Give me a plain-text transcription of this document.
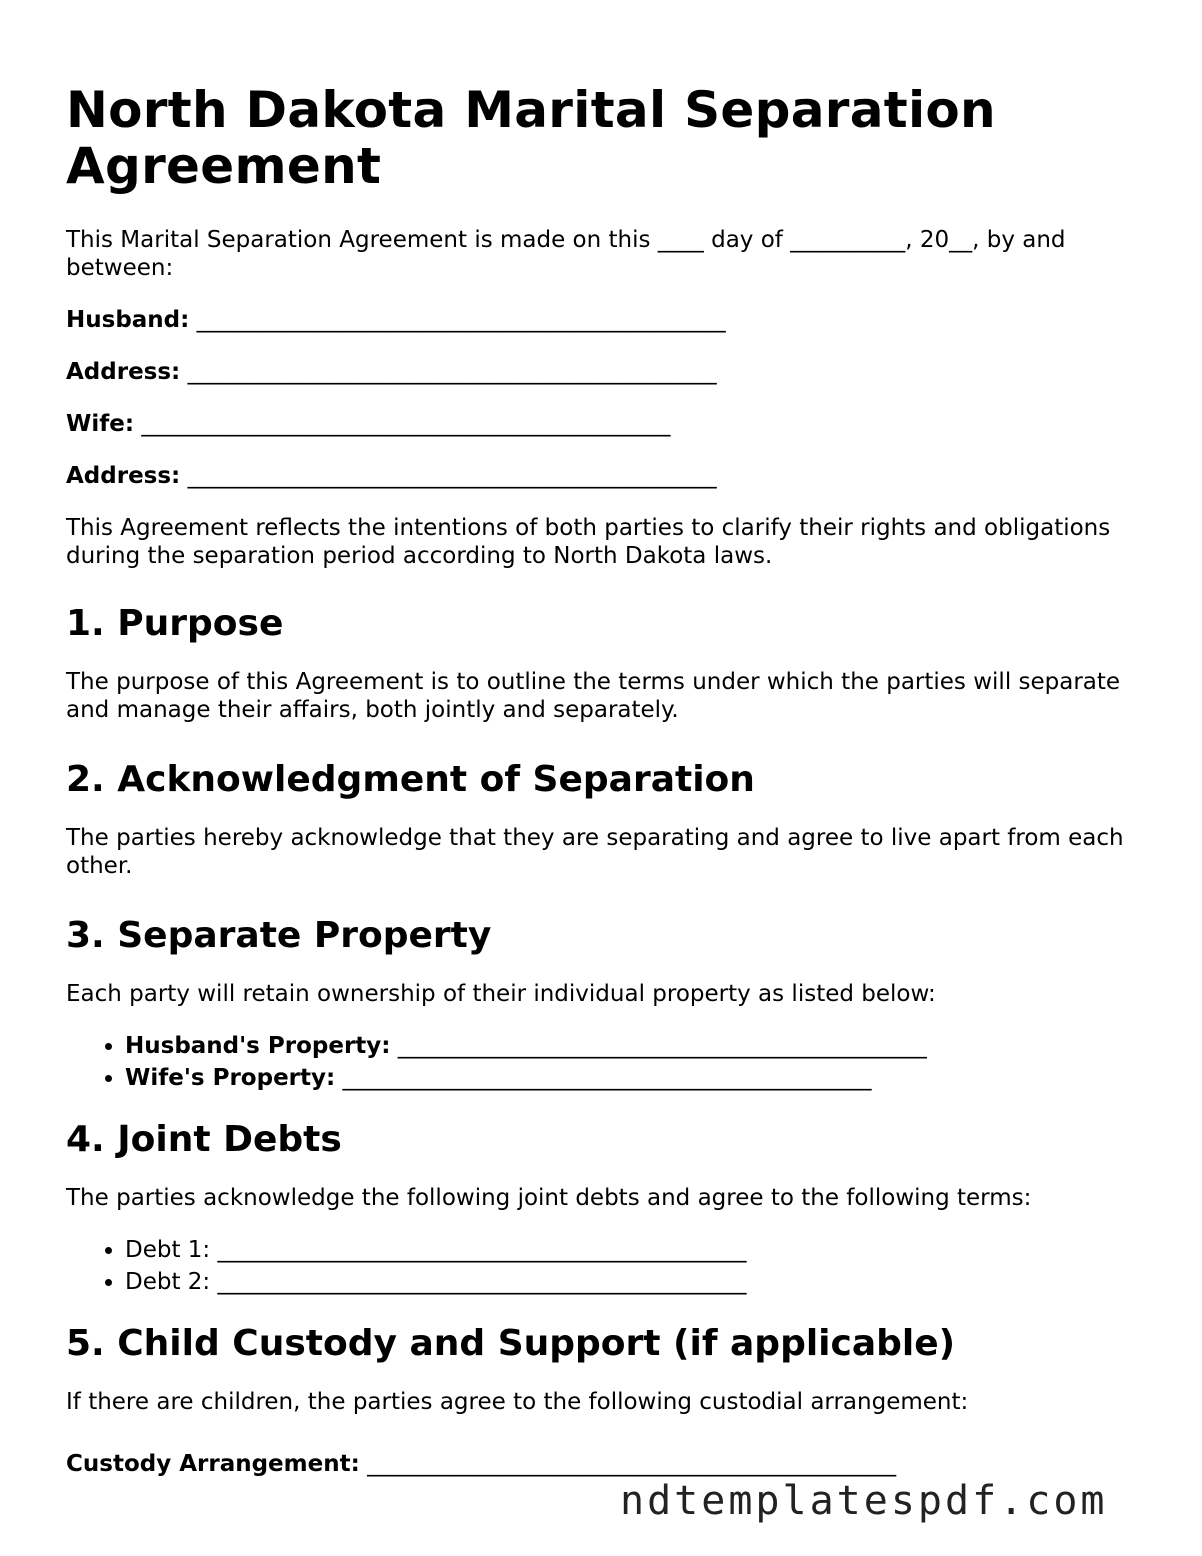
North Dakota Marital Separation Agreement

This Marital Separation Agreement is made on this ____ day of __________, 20__, by and between:

Husband: ______________________________________________
Address: ______________________________________________
Wife: ______________________________________________
Address: ______________________________________________

This Agreement reflects the intentions of both parties to clarify their rights and obligations during the separation period according to North Dakota laws.

1. Purpose

The purpose of this Agreement is to outline the terms under which the parties will separate and manage their affairs, both jointly and separately.

2. Acknowledgment of Separation

The parties hereby acknowledge that they are separating and agree to live apart from each other.

3. Separate Property

Each party will retain ownership of their individual property as listed below:

• Husband's Property: ______________________________________________
• Wife's Property: ______________________________________________
4. Joint Debts

The parties acknowledge the following joint debts and agree to the following terms:

• Debt 1: ______________________________________________
• Debt 2: ______________________________________________
5. Child Custody and Support (if applicable)

If there are children, the parties agree to the following custodial arrangement:

Custody Arrangement: ______________________________________________
ndtemplatespdf.com
